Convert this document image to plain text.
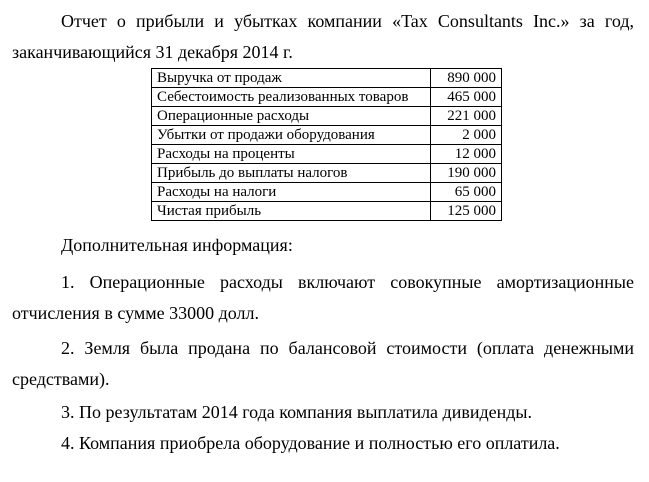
Отчет о прибыли и убытках компании «Tax Consultants Inc.» за год,
заканчивающийся 31 декабря 2014 г.
Выручка от продаж	890 000
Себестоимость реализованных товаров	465 000
Операционные расходы	221 000
Убытки от продажи оборудования	2 000
Расходы на проценты	12 000
Прибыль до выплаты налогов	190 000
Расходы на налоги	65 000
Чистая прибыль	125 000
Дополнительная информация:
1. Операционные расходы включают совокупные амортизационные
отчисления в сумме 33000 долл.
2. Земля была продана по балансовой стоимости (оплата денежными
средствами).
3. По результатам 2014 года компания выплатила дивиденды.
4. Компания приобрела оборудование и полностью его оплатила.
